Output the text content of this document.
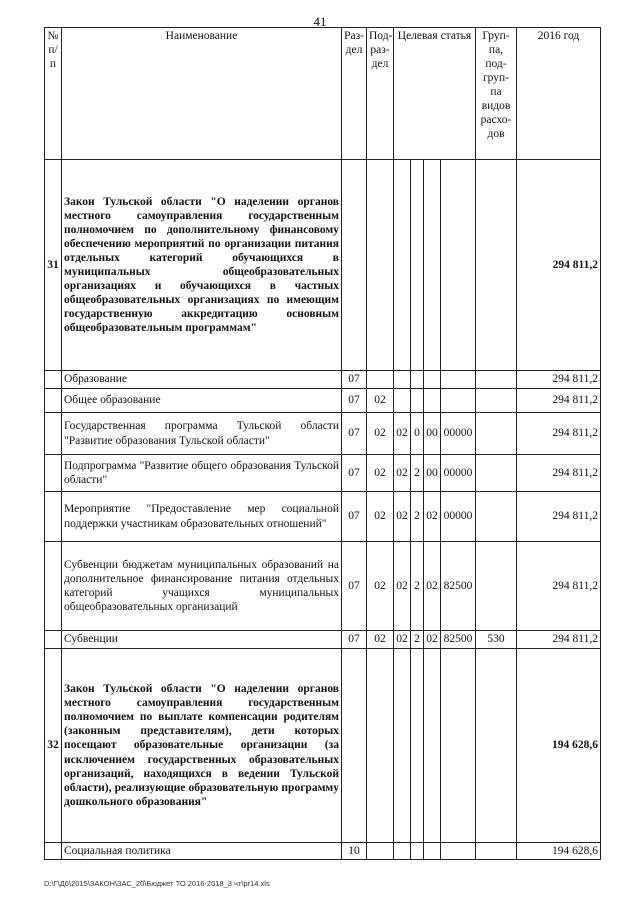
41
№ п/ п	Наименование	Раз- дел	Под- раз- дел	Целевая статья				Груп- па, под- груп- па видов расхо- дов	2016 год
31	Закон Тульской области "О наделении органов местного самоуправления государственным полномочием по дополнительному финансовому обеспечению мероприятий по организации питания отдельных категорий обучающихся в муниципальных общеобразовательных организациях и обучающихся в частных общеобразовательных организациях по имеющим государственную аккредитацию основным общеобразовательным программам"								294 811,2
	Образование	07							294 811,2
	Общее образование	07	02						294 811,2
	Государственная программа Тульской области "Развитие образования Тульской области"	07	02	02	0	00	00000		294 811,2
	Подпрограмма "Развитие общего образования Тульской области"	07	02	02	2	00	00000		294 811,2
	Мероприятие "Предоставление мер социальной поддержки участникам образовательных отношений"	07	02	02	2	02	00000		294 811,2
	Субвенции бюджетам муниципальных образований на дополнительное финансирование питания отдельных категорий учащихся муниципальных общеобразовательных организаций	07	02	02	2	02	82500		294 811,2
	Субвенции	07	02	02	2	02	82500	530	294 811,2
32	Закон Тульской области "О наделении органов местного самоуправления государственным полномочием по выплате компенсации родителям (законным представителям), дети которых посещают образовательные организации (за исключением государственных образовательных организаций, находящихся в ведении Тульской области), реализующие образовательную программу дошкольного образования"								194 628,6
	Социальная политика	10							194 628,6
D:\Г\Д6\2015\ЗАКОН\ЗАС_20\Бюджет ТО 2016-2018_3 чт\pr14.xls
